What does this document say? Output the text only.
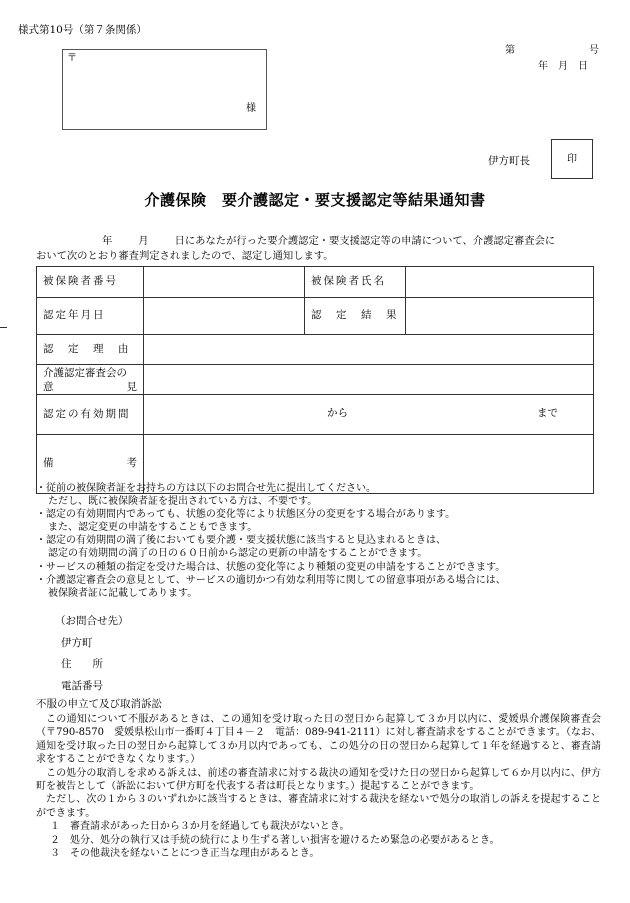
様式第10号（第７条関係）
〒
様
第	号
年　月　日
伊方町長	印
介護保険　要介護認定・要支援認定等結果通知書
年	月	日にあなたが行った要介護認定・要支援認定等の申請について、介護認定審査会に
おいて次のとおり審査判定されましたので、認定し通知します。
被保険者番号		被保険者氏名	
認定年月日		認　定　結　果	
認　定　理　由			

介護認定審査会の
意 見			

認定の有効期間	から まで		

備 考			

・従前の被保険者証をお持ちの方は以下のお問合せ先に提出してください。
ただし、既に被保険者証を提出されている方は、不要です。
・認定の有効期間内であっても、状態の変化等により状態区分の変更をする場合があります。
また、認定変更の申請をすることもできます。
・認定の有効期間の満了後においても要介護・要支援状態に該当すると見込まれるときは、
認定の有効期間の満了の日の６０日前から認定の更新の申請をすることができます。
・サービスの種類の指定を受けた場合は、状態の変化等により種類の変更の申請をすることができます。
・介護認定審査会の意見として、サービスの適切かつ有効な利用等に関しての留意事項がある場合には、
被保険者証に記載してあります。
（お問合せ先）
伊方町
住　　所
電話番号
不服の申立て及び取消訴訟
この通知について不服があるときは、この通知を受け取った日の翌日から起算して３か月以内に、愛媛県介護保険審査会（〒790-8570　愛媛県松山市一番町４丁目４－２　電話：089-941-2111）に対し審査請求をすることができます。（なお、通知を受け取った日の翌日から起算して３か月以内であっても、この処分の日の翌日から起算して１年を経過すると、審査請求をすることができなくなります。）
この処分の取消しを求める訴えは、前述の審査請求に対する裁決の通知を受けた日の翌日から起算して６か月以内に、伊方町を被告として（訴訟において伊方町を代表する者は町長となります。）提起することができます。
ただし、次の１から３のいずれかに該当するときは、審査請求に対する裁決を経ないで処分の取消しの訴えを提起することができます。
１　審査請求があった日から３か月を経過しても裁決がないとき。
２　処分、処分の執行又は手続の続行により生ずる著しい損害を避けるため緊急の必要があるとき。
３　その他裁決を経ないことにつき正当な理由があるとき。
